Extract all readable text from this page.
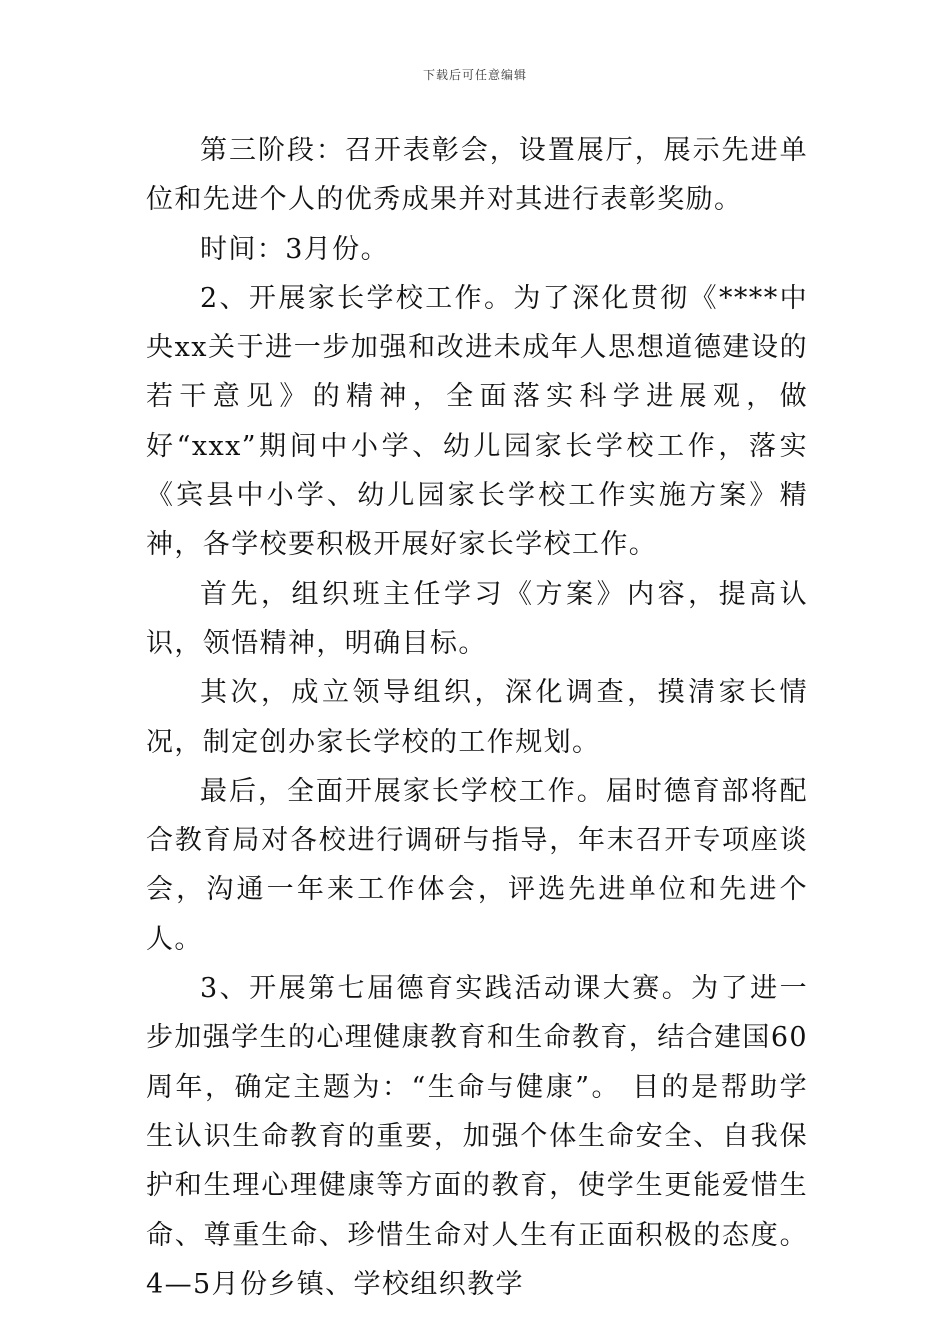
下载后可任意编辑

第三阶段：召开表彰会，设置展厅，展示先进单位和先进个人的优秀成果并对其进行表彰奖励。

时间：3月份。

2、开展家长学校工作。为了深化贯彻《****中央xx关于进一步加强和改进未成年人思想道德建设的若干意见》的精神，全面落实科学进展观，做好“xxx”期间中小学、幼儿园家长学校工作，落实《宾县中小学、幼儿园家长学校工作实施方案》精神，各学校要积极开展好家长学校工作。

首先，组织班主任学习《方案》内容，提高认识，领悟精神，明确目标。

其次，成立领导组织，深化调查，摸清家长情况，制定创办家长学校的工作规划。

最后，全面开展家长学校工作。届时德育部将配合教育局对各校进行调研与指导，年末召开专项座谈会，沟通一年来工作体会，评选先进单位和先进个人。

3、开展第七届德育实践活动课大赛。为了进一步加强学生的心理健康教育和生命教育，结合建国60周年，确定主题为：“生命与健康”。 目的是帮助学生认识生命教育的重要，加强个体生命安全、自我保护和生理心理健康等方面的教育，使学生更能爱惜生命、尊重生命、珍惜生命对人生有正面积极的态度。4—5月份乡镇、学校组织教学
